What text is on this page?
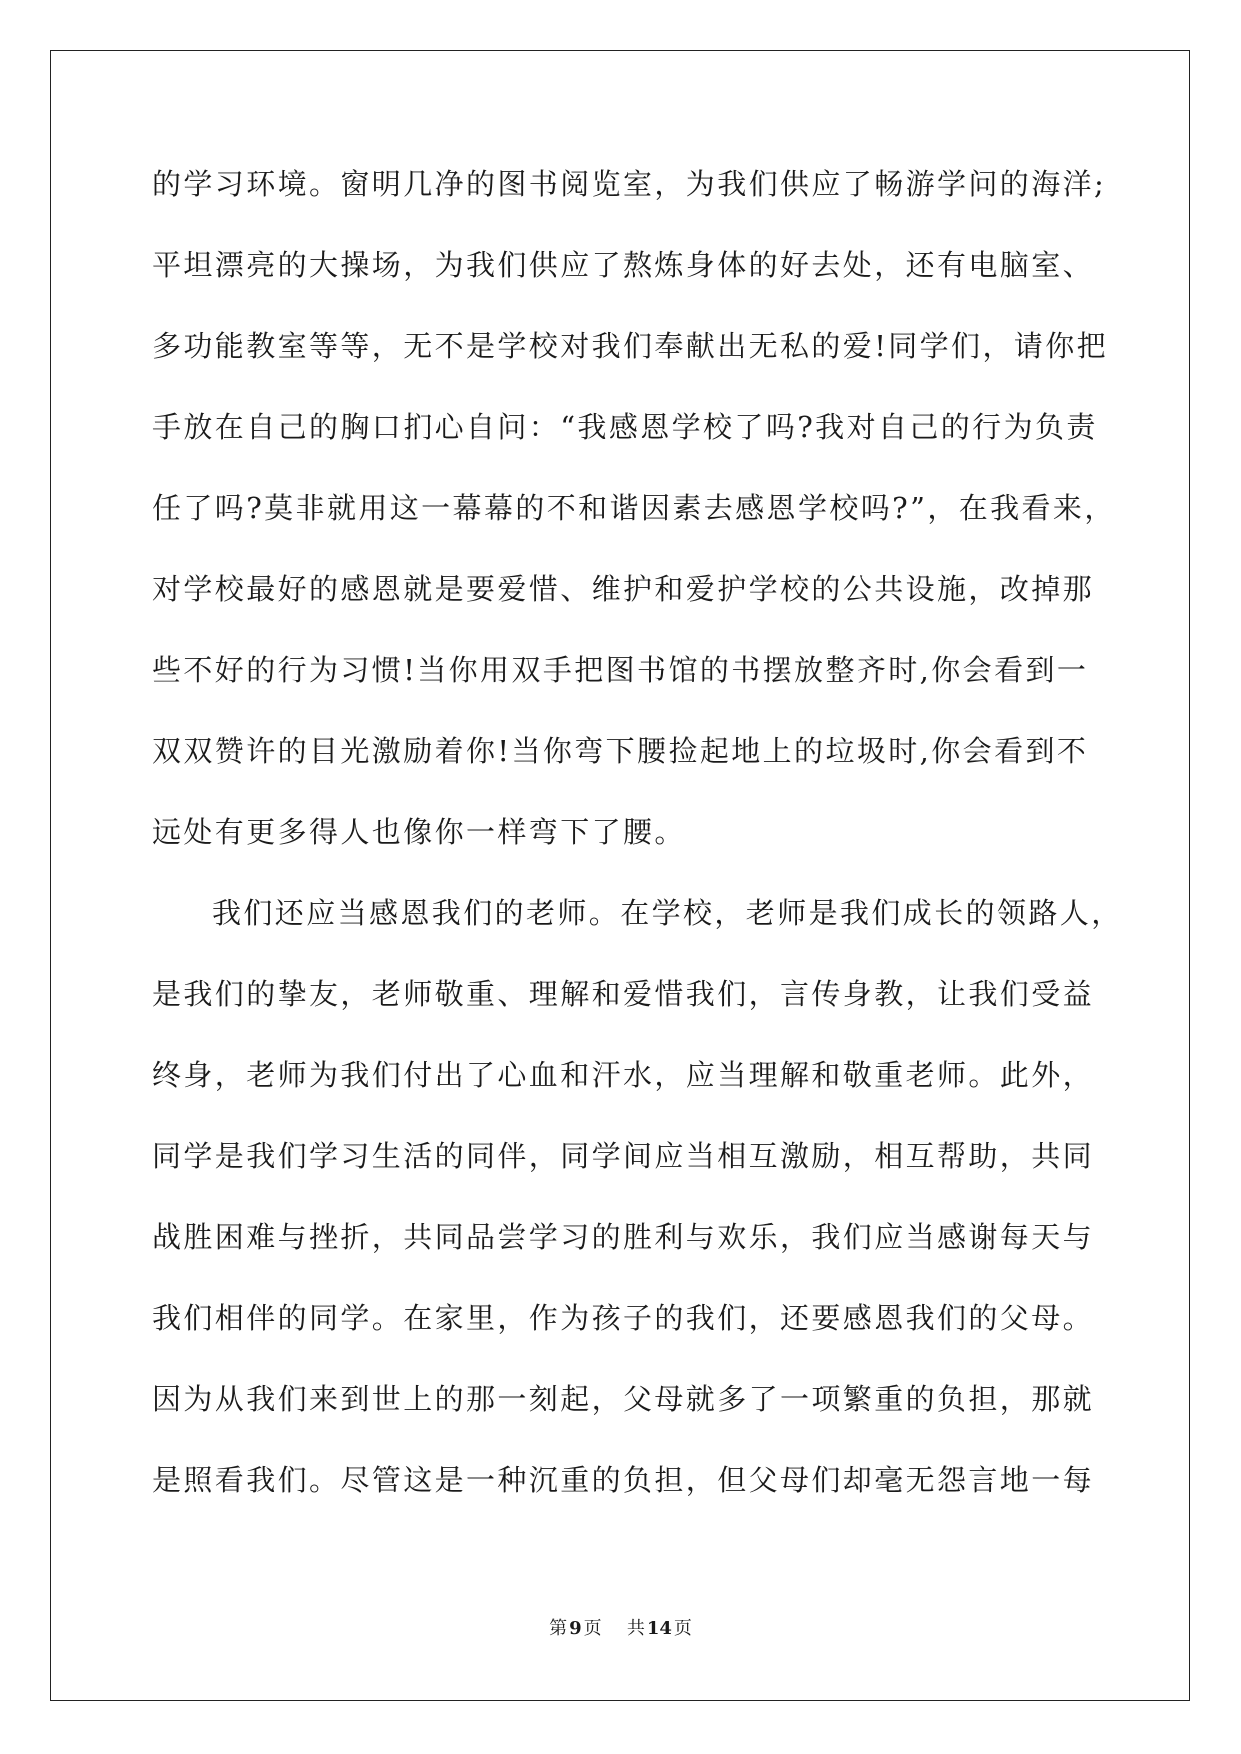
的学习环境。窗明几净的图书阅览室，为我们供应了畅游学问的海洋;
平坦漂亮的大操场，为我们供应了熬炼身体的好去处，还有电脑室、
多功能教室等等，无不是学校对我们奉献出无私的爱!同学们，请你把
手放在自己的胸口扪心自问：“我感恩学校了吗?我对自己的行为负责
任了吗?莫非就用这一幕幕的不和谐因素去感恩学校吗?”，在我看来，
对学校最好的感恩就是要爱惜、维护和爱护学校的公共设施，改掉那
些不好的行为习惯!当你用双手把图书馆的书摆放整齐时,你会看到一
双双赞许的目光激励着你!当你弯下腰捡起地上的垃圾时,你会看到不
远处有更多得人也像你一样弯下了腰。
我们还应当感恩我们的老师。在学校，老师是我们成长的领路人，
是我们的挚友，老师敬重、理解和爱惜我们，言传身教，让我们受益
终身，老师为我们付出了心血和汗水，应当理解和敬重老师。此外，
同学是我们学习生活的同伴，同学间应当相互激励，相互帮助，共同
战胜困难与挫折，共同品尝学习的胜利与欢乐，我们应当感谢每天与
我们相伴的同学。在家里，作为孩子的我们，还要感恩我们的父母。
因为从我们来到世上的那一刻起，父母就多了一项繁重的负担，那就
是照看我们。尽管这是一种沉重的负担，但父母们却毫无怨言地一每
第 9 页 共 14 页
